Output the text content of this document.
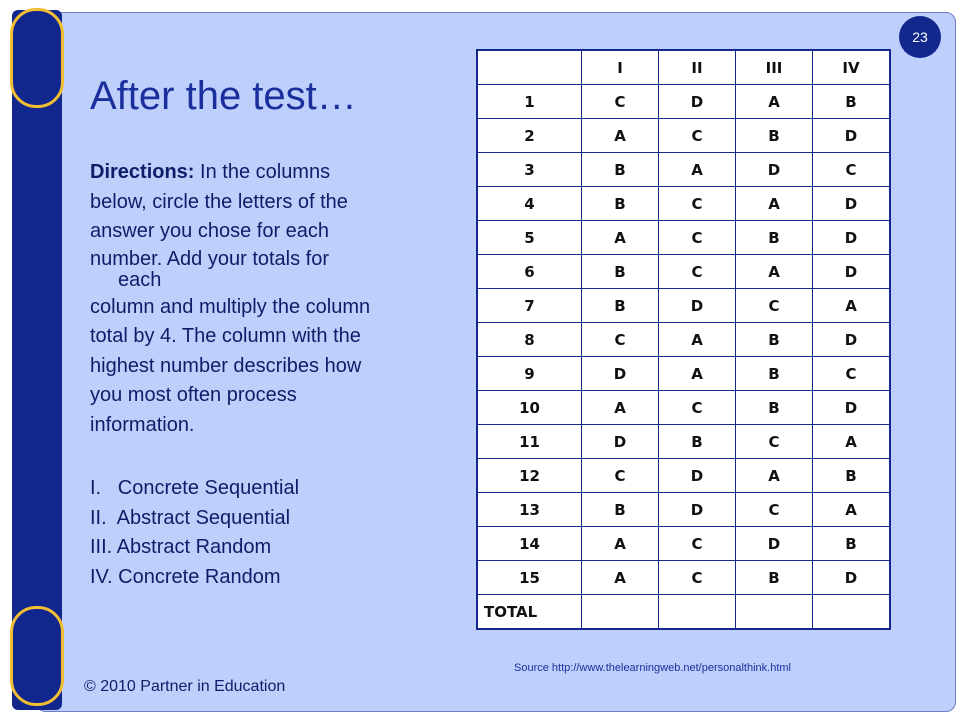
23
After the test…
Directions: In the columns
below, circle the letters of the
answer you chose for each
number. Add your totals for
each
column and multiply the column
total by 4. The column with the
highest number describes how
you most often process
information.
I.   Concrete Sequential
II.  Abstract Sequential
III. Abstract Random
IV. Concrete Random
	I	II	III	IV
1	C	D	A	B
2	A	C	B	D
3	B	A	D	C
4	B	C	A	D
5	A	C	B	D
6	B	C	A	D
7	B	D	C	A
8	C	A	B	D
9	D	A	B	C
10	A	C	B	D
11	D	B	C	A
12	C	D	A	B
13	B	D	C	A
14	A	C	D	B
15	A	C	B	D
TOTAL				
Source http://www.thelearningweb.net/personalthink.html
© 2010 Partner in Education
